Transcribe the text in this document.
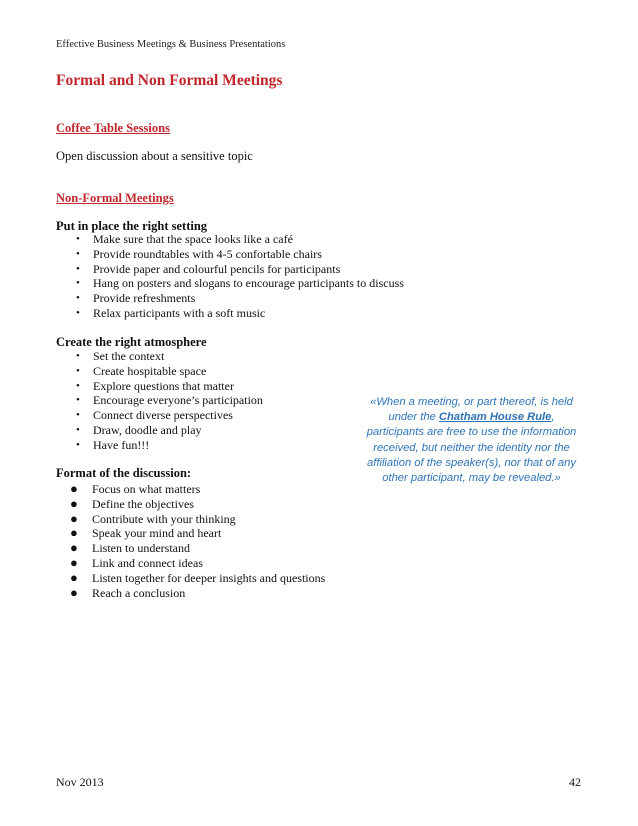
Effective Business Meetings & Business Presentations
Formal and Non Formal Meetings
Coffee Table Sessions
Open discussion about a sensitive topic
Non-Formal Meetings
Put in place the right setting
• Make sure that the space looks like a café
• Provide roundtables with 4-5 confortable chairs
• Provide paper and colourful pencils for participants
• Hang on posters and slogans to encourage participants to discuss
• Provide refreshments
• Relax participants with a soft music
Create the right atmosphere
• Set the context
• Create hospitable space
• Explore questions that matter
• Encourage everyone’s participation
• Connect diverse perspectives
• Draw, doodle and play
• Have fun!!!
Format of the discussion:
● Focus on what matters
● Define the objectives
● Contribute with your thinking
● Speak your mind and heart
● Listen to understand
● Link and connect ideas
● Listen together for deeper insights and questions
● Reach a conclusion
«When a meeting, or part thereof, is held under the Chatham House Rule, participants are free to use the information received, but neither the identity nor the affiliation of the speaker(s), nor that of any other participant, may be revealed.»
Nov 2013	42
